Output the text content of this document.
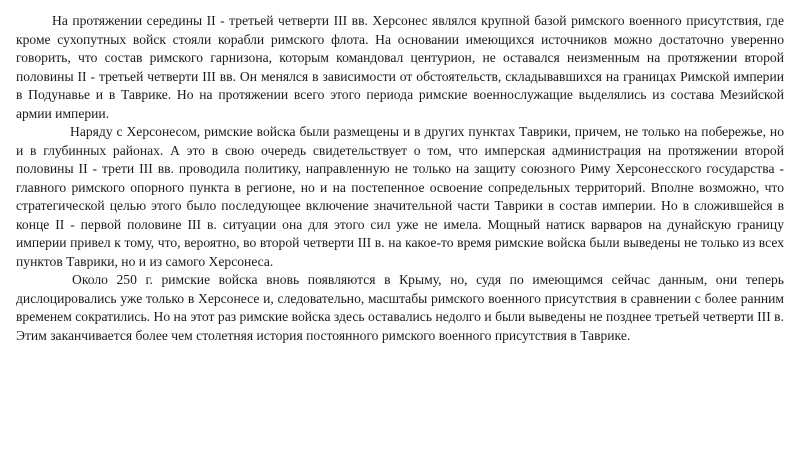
На протяжении середины II - третьей четверти III вв. Херсонес являлся крупной базой римского военного присутствия, где кроме сухопутных войск стояли корабли римского флота. На основании имеющихся источников можно достаточно уверенно говорить, что состав римского гарнизона, которым командовал центурион, не оставался неизменным на протяжении второй половины II - третьей четверти III вв. Он менялся в зависимости от обстоятельств, складывавшихся на границах Римской империи в Подунавье и в Таврике. Но на протяжении всего этого периода римские военнослужащие выделялись из состава Мезийской армии империи.

Наряду с Херсонесом, римские войска были размещены и в других пунктах Таврики, причем, не только на побережье, но и в глубинных районах. А это в свою очередь свидетельствует о том, что имперская администрация на протяжении второй половины II - трети III вв. проводила политику, направленную не только на защиту союзного Риму Херсонесского государства - главного римского опорного пункта в регионе, но и на постепенное освоение сопредельных территорий. Вполне возможно, что стратегической целью этого было последующее включение значительной части Таврики в состав империи. Но в сложившейся в конце II - первой половине III в. ситуации она для этого сил уже не имела. Мощный натиск варваров на дунайскую границу империи привел к тому, что, вероятно, во второй четверти III в. на какое-то время римские войска были выведены не только из всех пунктов Таврики, но и из самого Херсонеса.

Около 250 г. римские войска вновь появляются в Крыму, но, судя по имеющимся сейчас данным, они теперь дислоцировались уже только в Херсонесе и, следовательно, масштабы римского военного присутствия в сравнении с более ранним временем сократились. Но на этот раз римские войска здесь оставались недолго и были выведены не позднее третьей четверти III в. Этим заканчивается более чем столетняя история постоянного римского военного присутствия в Таврике.
